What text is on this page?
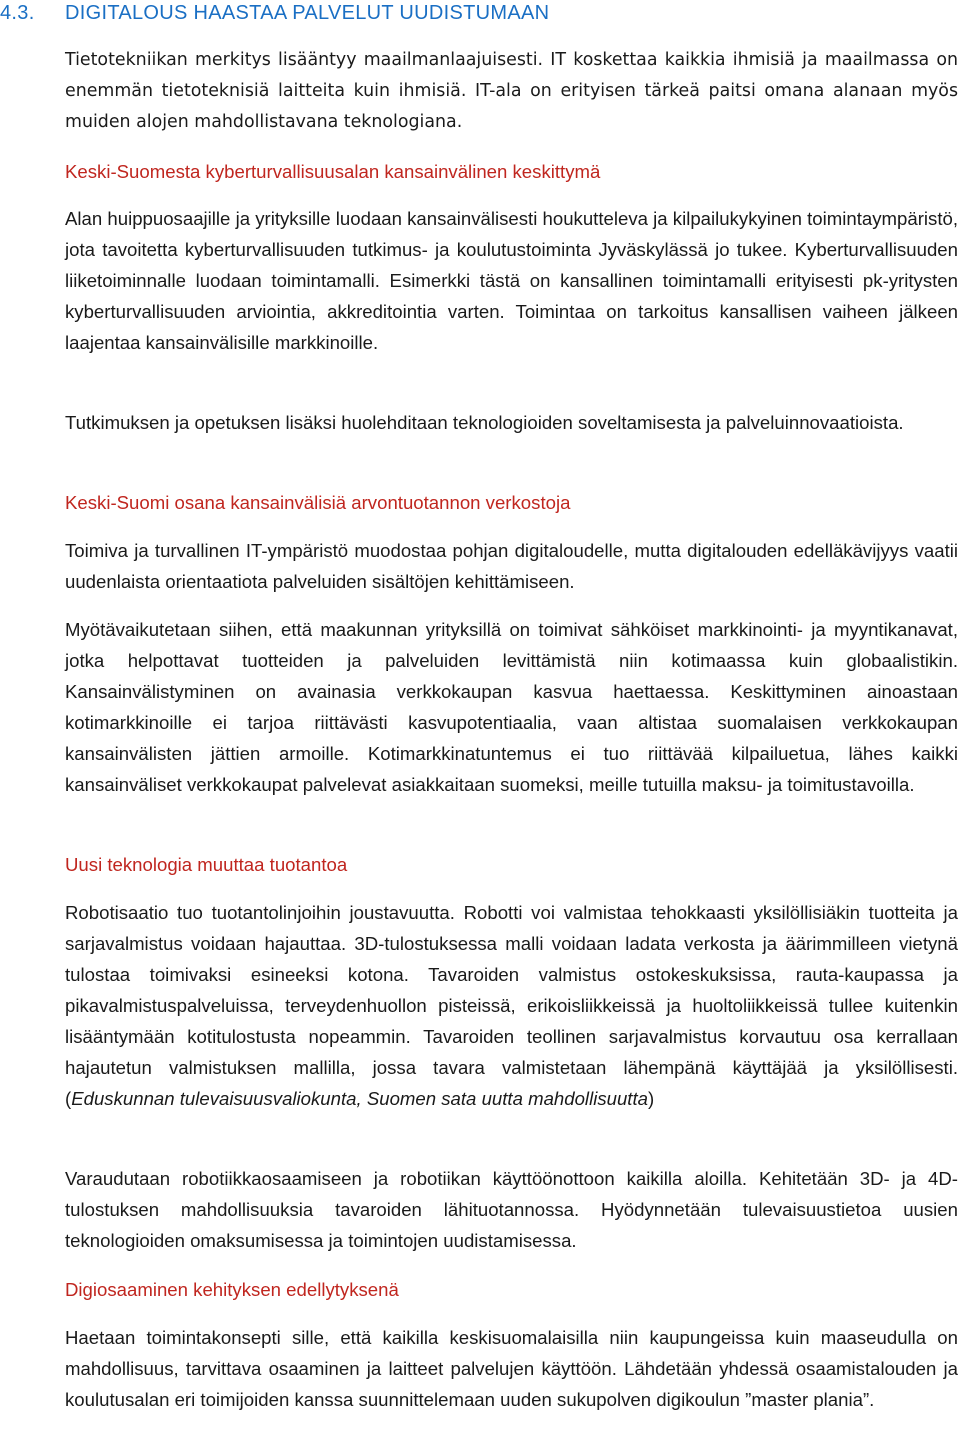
4.3. DIGITALOUS HAASTAA PALVELUT UUDISTUMAAN

Tietotekniikan merkitys lisääntyy maailmanlaajuisesti. IT koskettaa kaikkia ihmisiä ja maailmassa on enemmän tietoteknisiä laitteita kuin ihmisiä. IT-ala on erityisen tärkeä paitsi omana alanaan myös muiden alojen mahdollistavana teknologiana.

Keski-Suomesta kyberturvallisuusalan kansainvälinen keskittymä

Alan huippuosaajille ja yrityksille luodaan kansainvälisesti houkutteleva ja kilpailukykyinen toimintaympäristö, jota tavoitetta kyberturvallisuuden tutkimus- ja koulutustoiminta Jyväskylässä jo tukee. Kyberturvallisuuden liiketoiminnalle luodaan toimintamalli. Esimerkki tästä on kansallinen toimintamalli erityisesti pk-yritysten kyberturvallisuuden arviointia, akkreditointia varten. Toimintaa on tarkoitus kansallisen vaiheen jälkeen laajentaa kansainvälisille markkinoille.

Tutkimuksen ja opetuksen lisäksi huolehditaan teknologioiden soveltamisesta ja palveluinnovaatioista.

Keski-Suomi osana kansainvälisiä arvontuotannon verkostoja

Toimiva ja turvallinen IT-ympäristö muodostaa pohjan digitaloudelle, mutta digitalouden edelläkävijyys vaatii uudenlaista orientaatiota palveluiden sisältöjen kehittämiseen.

Myötävaikutetaan siihen, että maakunnan yrityksillä on toimivat sähköiset markkinointi- ja myyntikanavat, jotka helpottavat tuotteiden ja palveluiden levittämistä niin kotimaassa kuin globaalistikin. Kansainvälistyminen on avainasia verkkokaupan kasvua haettaessa. Keskittyminen ainoastaan kotimarkkinoille ei tarjoa riittävästi kasvupotentiaalia, vaan altistaa suomalaisen verkkokaupan kansainvälisten jättien armoille. Kotimarkkinatuntemus ei tuo riittävää kilpailuetua, lähes kaikki kansainväliset verkkokaupat palvelevat asiakkaitaan suomeksi, meille tutuilla maksu- ja toimitustavoilla.

Uusi teknologia muuttaa tuotantoa

Robotisaatio tuo tuotantolinjoihin joustavuutta. Robotti voi valmistaa tehokkaasti yksilöllisiäkin tuotteita ja sarjavalmistus voidaan hajauttaa. 3D-tulostuksessa malli voidaan ladata verkosta ja äärimmilleen vietynä tulostaa toimivaksi esineeksi kotona. Tavaroiden valmistus ostokeskuksissa, rauta-kaupassa ja pikavalmistuspalveluissa, terveydenhuollon pisteissä, erikoisliikkeissä ja huoltoliikkeissä tullee kuitenkin lisääntymään kotitulostusta nopeammin. Tavaroiden teollinen sarjavalmistus korvautuu osa kerrallaan hajautetun valmistuksen mallilla, jossa tavara valmistetaan lähempänä käyttäjää ja yksilöllisesti. (Eduskunnan tulevaisuusvaliokunta, Suomen sata uutta mahdollisuutta)

Varaudutaan robotiikkaosaamiseen ja robotiikan käyttöönottoon kaikilla aloilla. Kehitetään 3D- ja 4D-tulostuksen mahdollisuuksia tavaroiden lähituotannossa. Hyödynnetään tulevaisuustietoa uusien teknologioiden omaksumisessa ja toimintojen uudistamisessa.

Digiosaaminen kehityksen edellytyksenä

Haetaan toimintakonsepti sille, että kaikilla keskisuomalaisilla niin kaupungeissa kuin maaseudulla on mahdollisuus, tarvittava osaaminen ja laitteet palvelujen käyttöön. Lähdetään yhdessä osaamistalouden ja koulutusalan eri toimijoiden kanssa suunnittelemaan uuden sukupolven digikoulun ”master plania”.
